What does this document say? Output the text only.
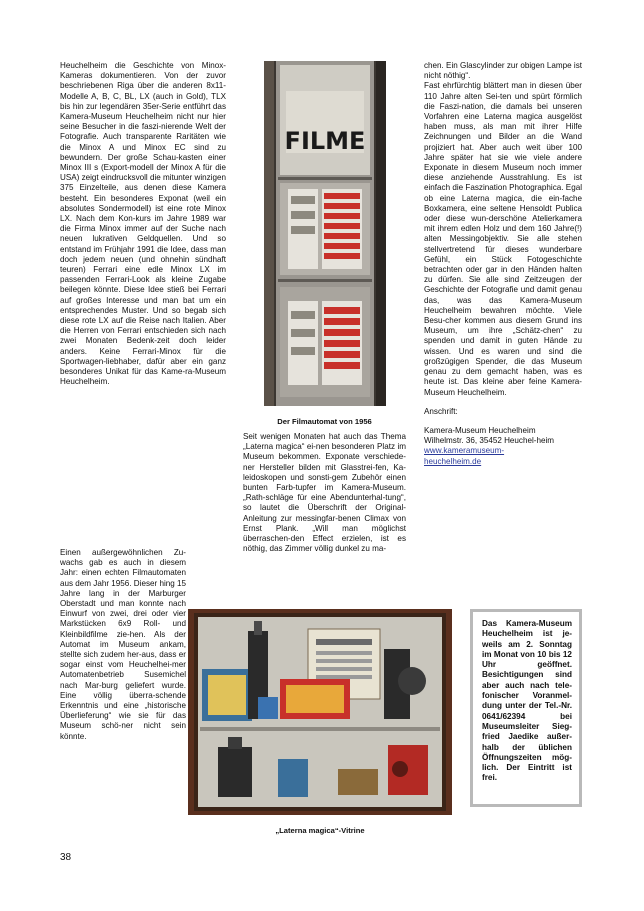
Heuchelheim die Geschichte von Minox-Kameras dokumentieren. Von der zuvor beschriebenen Riga über die anderen 8x11-Modelle A, B, C, BL, LX (auch in Gold), TLX bis hin zur legendären 35er-Serie entführt das Kamera-Museum Heuchelheim nicht nur hier seine Besucher in die faszi-nierende Welt der Fotografie. Auch transparente Raritäten wie die Minox A und Minox EC sind zu bewundern. Der große Schau-kasten einer Minox III s (Export-modell der Minox A für die USA) zeigt eindrucksvoll die mitunter winzigen 375 Einzelteile, aus denen diese Kamera besteht. Ein besonderes Exponat (weil ein absolutes Sondermodell) ist eine rote Minox LX. Nach dem Kon-kurs im Jahre 1989 war die Firma Minox immer auf der Suche nach neuen lukrativen Geldquellen. Und so entstand im Frühjahr 1991 die Idee, dass man doch jedem neuen (und ohnehin sündhaft teuren) Ferrari eine edle Minox LX im passenden Ferrari-Look als kleine Zugabe beilegen könnte. Diese Idee stieß bei Ferrari auf großes Interesse und man bat um ein entsprechendes Muster. Und so begab sich diese rote LX auf die Reise nach Italien. Aber die Herren von Ferrari entschieden sich nach zwei Monaten Bedenk-zeit doch leider anders. Keine Ferrari-Minox für die Sportwagen-liebhaber, dafür aber ein ganz besonderes Unikat für das Kame-ra-Museum Heuchelheim.

Einen außergewöhnlichen Zu-wachs gab es auch in diesem Jahr: einen echten Filmautomaten aus dem Jahr 1956. Dieser hing 15 Jahre lang in der Marburger Oberstadt und man konnte nach Einwurf von zwei, drei oder vier Markstücken 6x9 Roll- und Kleinbildfilme zie-hen. Als der Automat im Museum ankam, stellte sich zudem her-aus, dass er sogar einst vom Heuchelhei-mer Automatenbetrieb Susemichel nach Mar-burg geliefert wurde. Eine völlig überra-schende Erkenntnis und eine „historische Überlieferung“ wie sie für das Museum schö-ner nicht sein könnte.

FILME
Der Filmautomat von 1956

Seit wenigen Monaten hat auch das Thema „Laterna magica“ ei-nen besonderen Platz im Museum bekommen. Exponate verschiede-ner Hersteller bilden mit Glasstrei-fen, Ka-leidoskopen und sonsti-gem Zubehör einen bunten Farb-tupfer im Kamera-Museum. „Rath-schläge für eine Abendunterhal-tung“, so lautet die Überschrift der Original-Anleitung zur messingfar-benen Climax von Ernst Plank. „Will man möglichst überraschen-den Effect erzielen, ist es nöthig, das Zimmer völlig dunkel zu ma-

chen. Ein Glascylinder zur obigen Lampe ist nicht nöthig“.
Fast ehrfürchtig blättert man in diesen über 110 Jahre alten Sei-ten und spürt förmlich die Faszi-nation, die damals bei unseren Vorfahren eine Laterna magica ausgelöst haben muss, als man mit ihrer Hilfe Zeichnungen und Bilder an die Wand projiziert hat. Aber auch weit über 100 Jahre später hat sie wie viele andere Exponate in diesem Museum noch immer diese anziehende Ausstrahlung. Es ist einfach die Faszination Photographica. Egal ob eine Laterna magica, die ein-fache Boxkamera, eine seltene Hensoldt Publica oder diese wun-derschöne Atelierkamera mit ihrem edlen Holz und dem 160 Jahre(!) alten Messingobjektiv. Sie alle stehen stellvertretend für dieses wunderbare Gefühl, ein Stück Fotogeschichte betrachten oder gar in den Händen halten zu dürfen. Sie alle sind Zeitzeugen der Geschichte der Fotografie und damit genau das, was das Kamera-Museum Heuchelheim bewahren möchte. Viele Besu-cher kommen aus diesem Grund ins Museum, um ihre „Schätz-chen“ zu spenden und damit in guten Hände zu wissen. Und es waren und sind die großzügigen Spender, die das Museum genau zu dem gemacht haben, was es heute ist. Das kleine aber feine Kamera-Museum Heuchelheim.

Anschrift:

Kamera-Museum Heuchelheim
Wilhelmstr. 36, 35452 Heuchel-heim

www.kameramuseum-
heuchelheim.de
„Laterna magica“-Vitrine
Das Kamera-Museum Heuchelheim ist je-weils am 2. Sonntag im Monat von 10 bis 12 Uhr geöffnet. Besichtigungen sind aber auch nach tele-fonischer Voranmel-dung unter der Tel.-Nr. 0641/62394 bei Museumsleiter Sieg-fried Jaedike außer-halb der üblichen Öffnungszeiten mög-lich. Der Eintritt ist frei.
38
